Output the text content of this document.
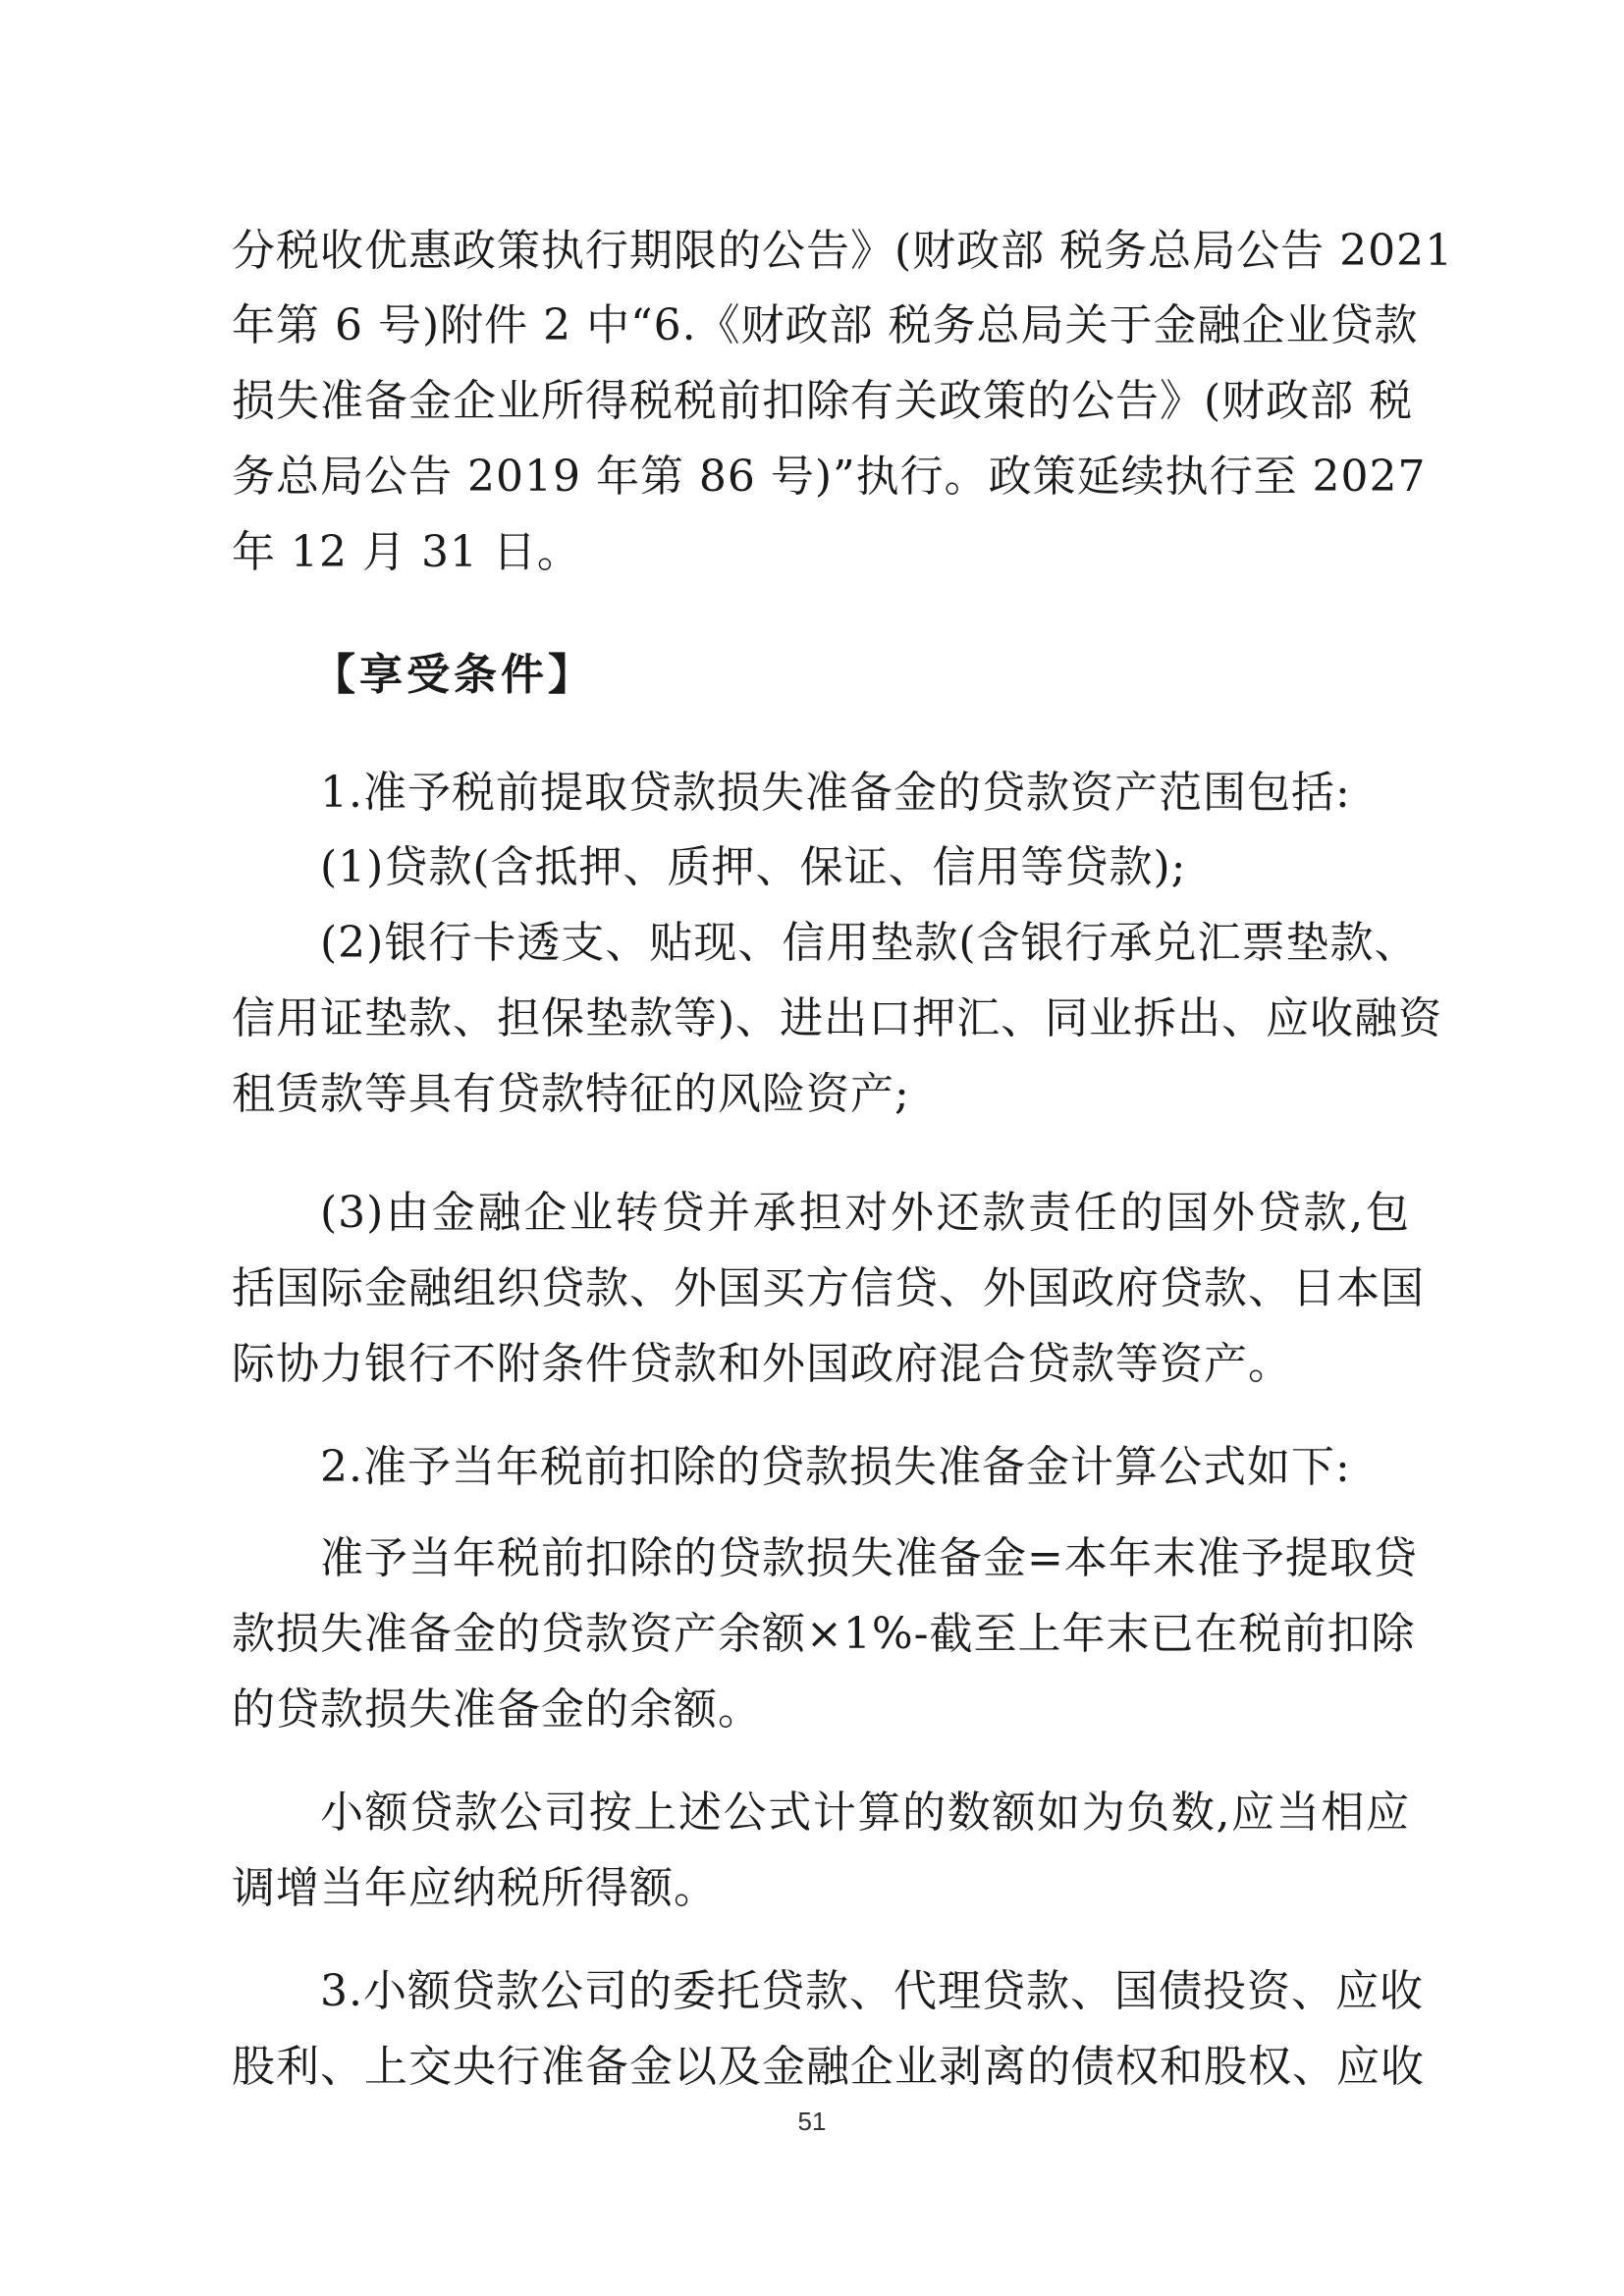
分税收优惠政策执行期限的公告》(财政部 税务总局公告 2021
年第 6 号)附件 2 中“6.《财政部 税务总局关于金融企业贷款
损失准备金企业所得税税前扣除有关政策的公告》(财政部 税
务总局公告 2019 年第 86 号)”执行。政策延续执行至 2027
年 12 月 31 日。
【享受条件】
1.准予税前提取贷款损失准备金的贷款资产范围包括:
(1)贷款(含抵押、质押、保证、信用等贷款);
(2)银行卡透支、贴现、信用垫款(含银行承兑汇票垫款、
信用证垫款、担保垫款等)、进出口押汇、同业拆出、应收融资
租赁款等具有贷款特征的风险资产;
(3)由金融企业转贷并承担对外还款责任的国外贷款,包
括国际金融组织贷款、外国买方信贷、外国政府贷款、日本国
际协力银行不附条件贷款和外国政府混合贷款等资产。
2.准予当年税前扣除的贷款损失准备金计算公式如下:
准予当年税前扣除的贷款损失准备金=本年末准予提取贷
款损失准备金的贷款资产余额×1%-截至上年末已在税前扣除
的贷款损失准备金的余额。
小额贷款公司按上述公式计算的数额如为负数,应当相应
调增当年应纳税所得额。
3.小额贷款公司的委托贷款、代理贷款、国债投资、应收
股利、上交央行准备金以及金融企业剥离的债权和股权、应收
51
